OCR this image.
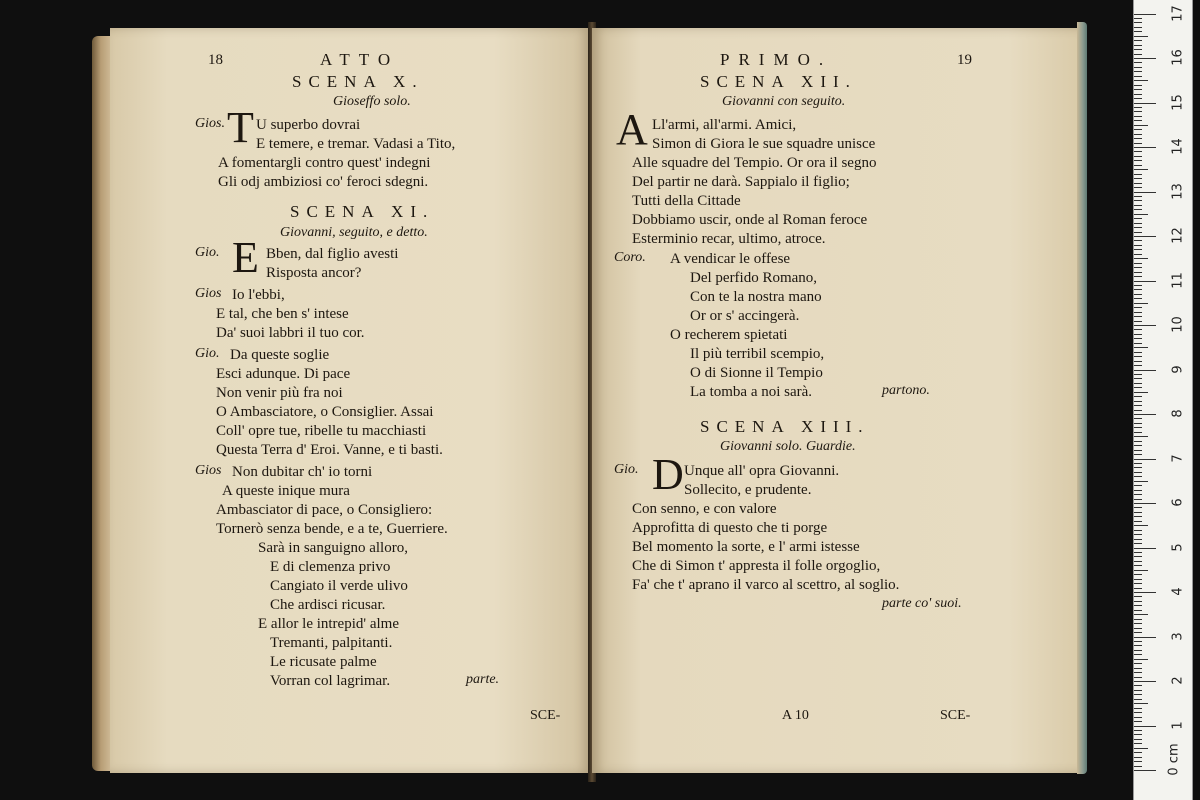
18	ATTO
SCENA X.
Gioseffo solo.
Gios. T U superbo dovrai
E temere, e tremar. Vadasi a Tito,
A fomentargli contro quest' indegni
Gli odj ambiziosi co' feroci sdegni.
SCENA XI.
Giovanni, seguito, e detto.
Gio. E Bben, dal figlio avesti
Risposta ancor?
Gios Io l'ebbi,
E tal, che ben s' intese
Da' suoi labbri il tuo cor.
Gio. Da queste soglie
Esci adunque. Di pace
Non venir più fra noi
O Ambasciatore, o Consiglier. Assai
Coll' opre tue, ribelle tu macchiasti
Questa Terra d' Eroi. Vanne, e ti basti.
Gios Non dubitar ch' io torni
A queste inique mura
Ambasciator di pace, o Consigliero:
Tornerò senza bende, e a te, Guerriere.
Sarà in sanguigno alloro,
E di clemenza privo
Cangiato il verde ulivo
Che ardisci ricusar.
E allor le intrepid' alme
Tremanti, palpitanti.
Le ricusate palme
Vorran col lagrimar.	parte.
SCE-
PRIMO.	19
SCENA XII.
Giovanni con seguito.
A Ll'armi, all'armi. Amici,
Simon di Giora le sue squadre unisce
Alle squadre del Tempio. Or ora il segno
Del partir ne darà. Sappialo il figlio;
Tutti della Cittade
Dobbiamo uscir, onde al Roman feroce
Esterminio recar, ultimo, atroce.
Coro. A vendicar le offese
Del perfido Romano,
Con te la nostra mano
Or or s' accingerà.
O recherem spietati
Il più terribil scempio,
O di Sionne il Tempio
La tomba a noi sarà.	partono.
SCENA XIII.
Giovanni solo. Guardie.
Gio. D Unque all' opra Giovanni.
Sollecito, e prudente.
Con senno, e con valore
Approfitta di questo che ti porge
Bel momento la sorte, e l' armi istesse
Che di Simon t' appresta il folle orgoglio,
Fa' che t' aprano il varco al scettro, al soglio.
parte co' suoi.
A 10	SCE-
1
2
3
4
5
6
7
8
9
10
11
12
13
14
15
16
17
0 cm
